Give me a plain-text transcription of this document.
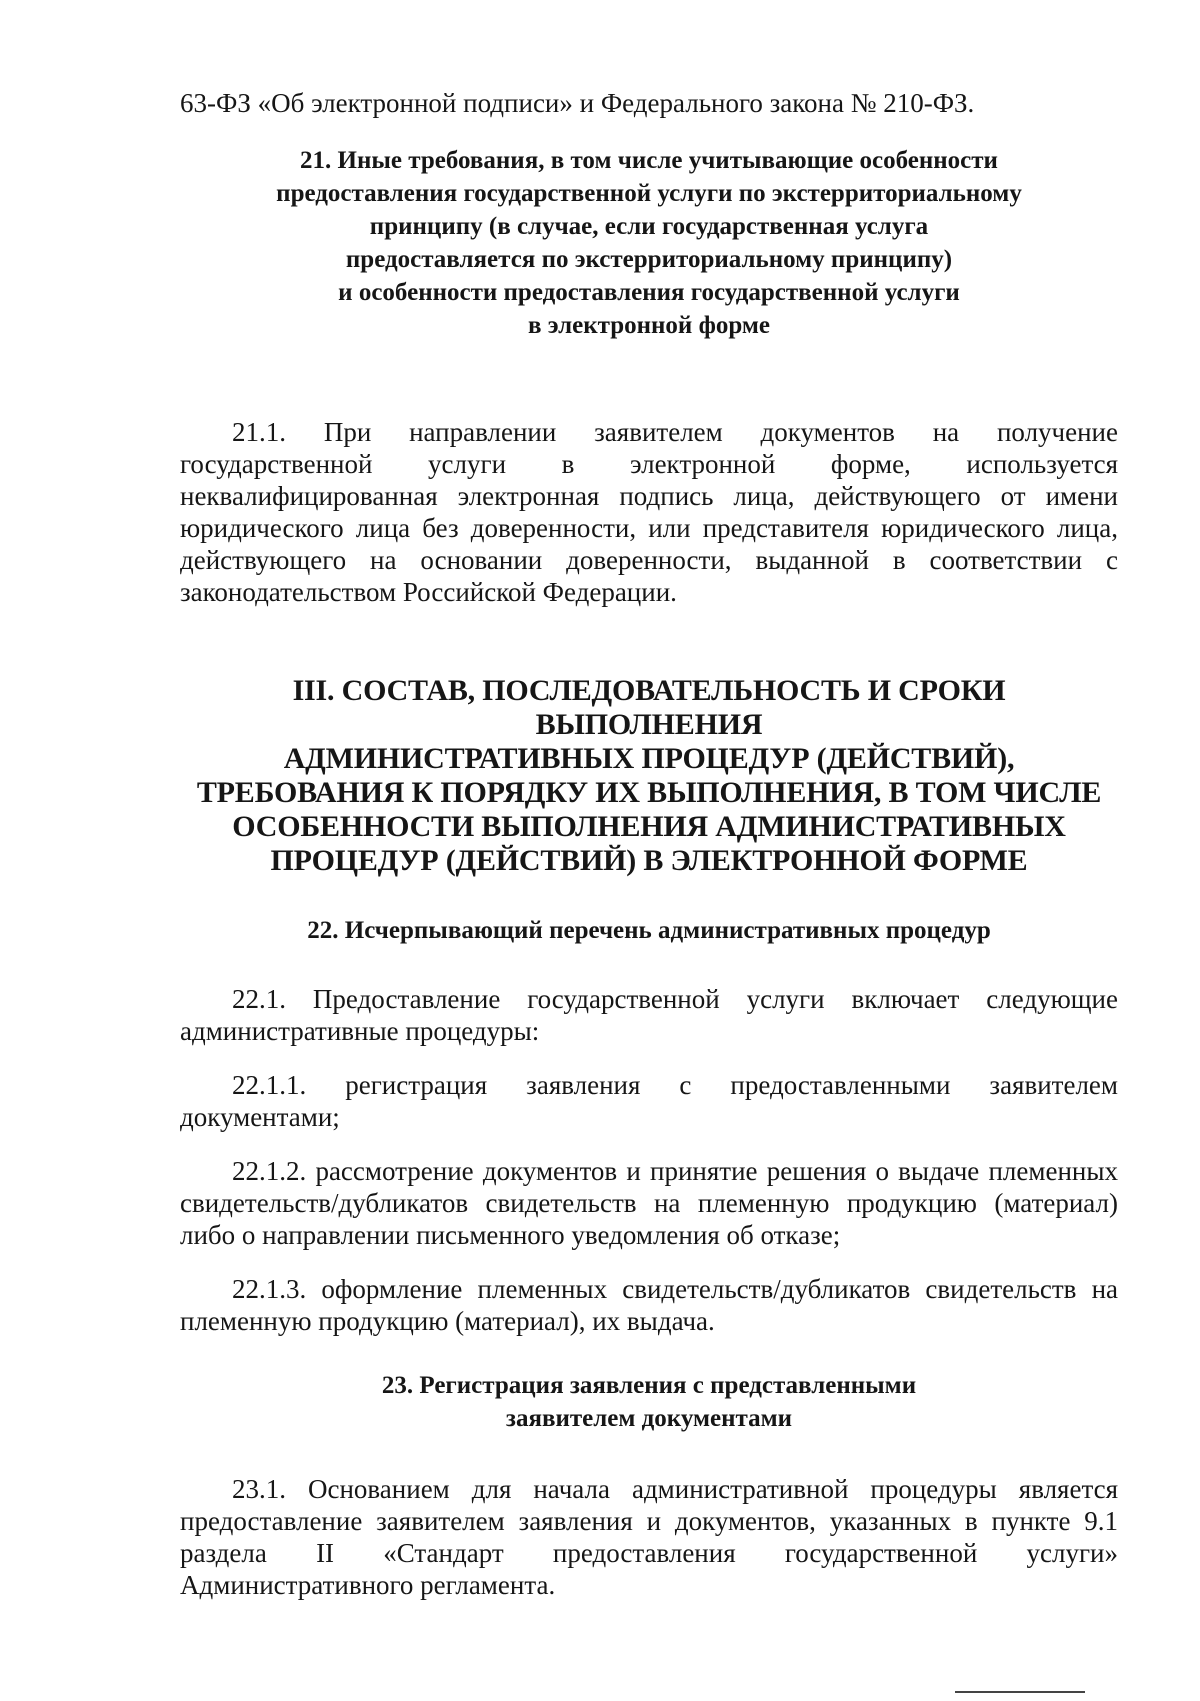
63-ФЗ «Об электронной подписи» и Федерального закона № 210-ФЗ.

21. Иные требования, в том числе учитывающие особенности
предоставления государственной услуги по экстерриториальному
принципу (в случае, если государственная услуга
предоставляется по экстерриториальному принципу)
и особенности предоставления государственной услуги
в электронной форме

21.1. При направлении заявителем документов на получение государственной услуги в электронной форме, используется неквалифицированная электронная подпись лица, действующего от имени юридического лица без доверенности, или представителя юридического лица, действующего на основании доверенности, выданной в соответствии с законодательством Российской Федерации.

III. СОСТАВ, ПОСЛЕДОВАТЕЛЬНОСТЬ И СРОКИ ВЫПОЛНЕНИЯ
АДМИНИСТРАТИВНЫХ ПРОЦЕДУР (ДЕЙСТВИЙ),
ТРЕБОВАНИЯ К ПОРЯДКУ ИХ ВЫПОЛНЕНИЯ, В ТОМ ЧИСЛЕ
ОСОБЕННОСТИ ВЫПОЛНЕНИЯ АДМИНИСТРАТИВНЫХ
ПРОЦЕДУР (ДЕЙСТВИЙ) В ЭЛЕКТРОННОЙ ФОРМЕ
22. Исчерпывающий перечень административных процедур

22.1. Предоставление государственной услуги включает следующие административные процедуры:

22.1.1. регистрация заявления с предоставленными заявителем документами;

22.1.2. рассмотрение документов и принятие решения о выдаче племенных свидетельств/дубликатов свидетельств на племенную продукцию (материал) либо о направлении письменного уведомления об отказе;

22.1.3. оформление племенных свидетельств/дубликатов свидетельств на племенную продукцию (материал), их выдача.

23. Регистрация заявления с представленными
заявителем документами

23.1. Основанием для начала административной процедуры является предоставление заявителем заявления и документов, указанных в пункте 9.1 раздела II «Стандарт предоставления государственной услуги» Административного регламента.
